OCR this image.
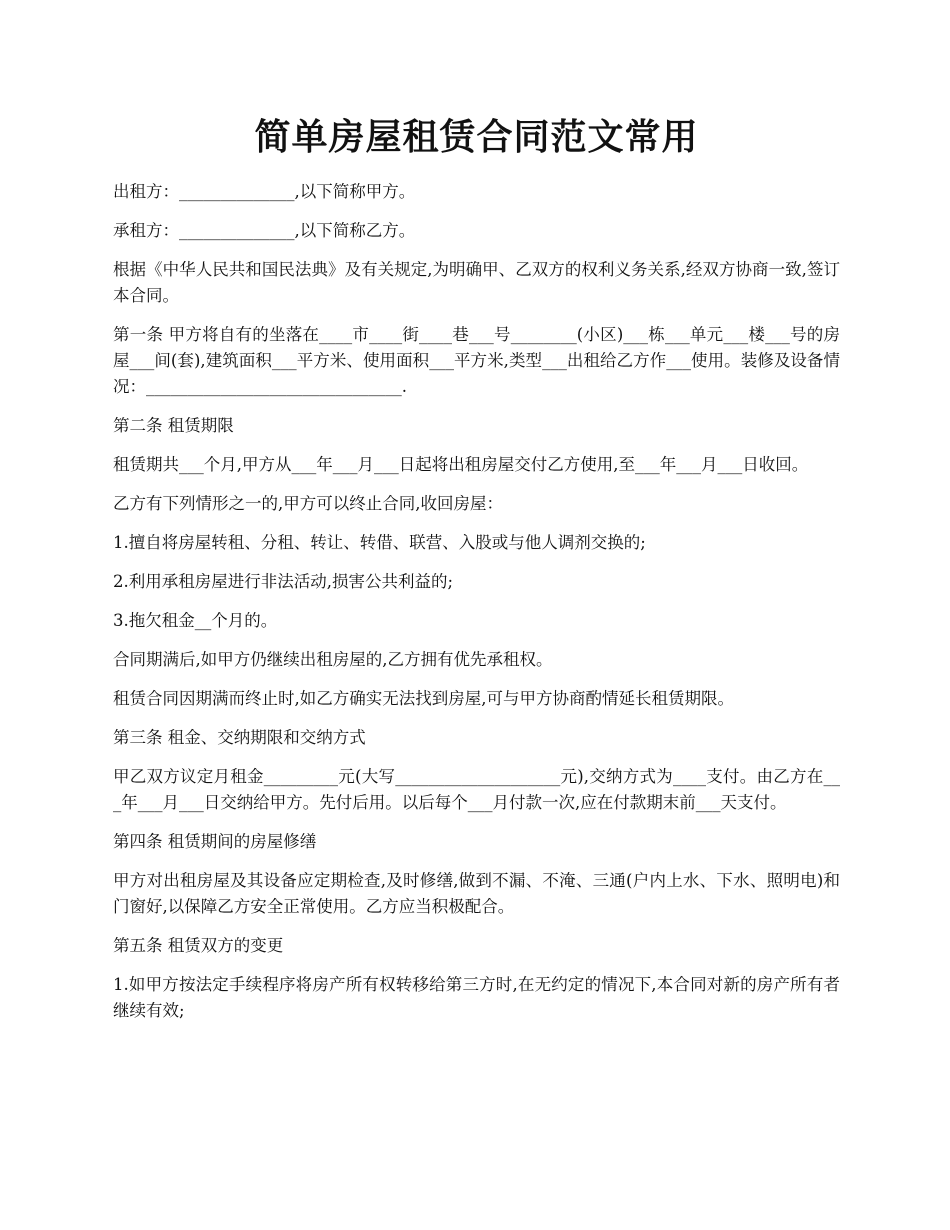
简单房屋租赁合同范文常用

出租方：______________,以下简称甲方。

承租方：______________,以下简称乙方。

根据《中华人民共和国民法典》及有关规定,为明确甲、乙双方的权利义务关系,经双方协商一致,签订本合同。

第一条 甲方将自有的坐落在____市____街____巷___号________(小区)___栋___单元___楼___号的房屋___间(套),建筑面积___平方米、使用面积___平方米,类型___出租给乙方作___使用。装修及设备情况：_______________________________.

第二条 租赁期限

租赁期共___个月,甲方从___年___月___日起将出租房屋交付乙方使用,至___年___月___日收回。

乙方有下列情形之一的,甲方可以终止合同,收回房屋：

1.擅自将房屋转租、分租、转让、转借、联营、入股或与他人调剂交换的;

2.利用承租房屋进行非法活动,损害公共利益的;

3.拖欠租金__个月的。

合同期满后,如甲方仍继续出租房屋的,乙方拥有优先承租权。

租赁合同因期满而终止时,如乙方确实无法找到房屋,可与甲方协商酌情延长租赁期限。

第三条 租金、交纳期限和交纳方式

甲乙双方议定月租金_________元(大写____________________元),交纳方式为____支付。由乙方在___年___月___日交纳给甲方。先付后用。以后每个___月付款一次,应在付款期末前___天支付。

第四条 租赁期间的房屋修缮

甲方对出租房屋及其设备应定期检查,及时修缮,做到不漏、不淹、三通(户内上水、下水、照明电)和门窗好,以保障乙方安全正常使用。乙方应当积极配合。

第五条 租赁双方的变更

1.如甲方按法定手续程序将房产所有权转移给第三方时,在无约定的情况下,本合同对新的房产所有者继续有效;
